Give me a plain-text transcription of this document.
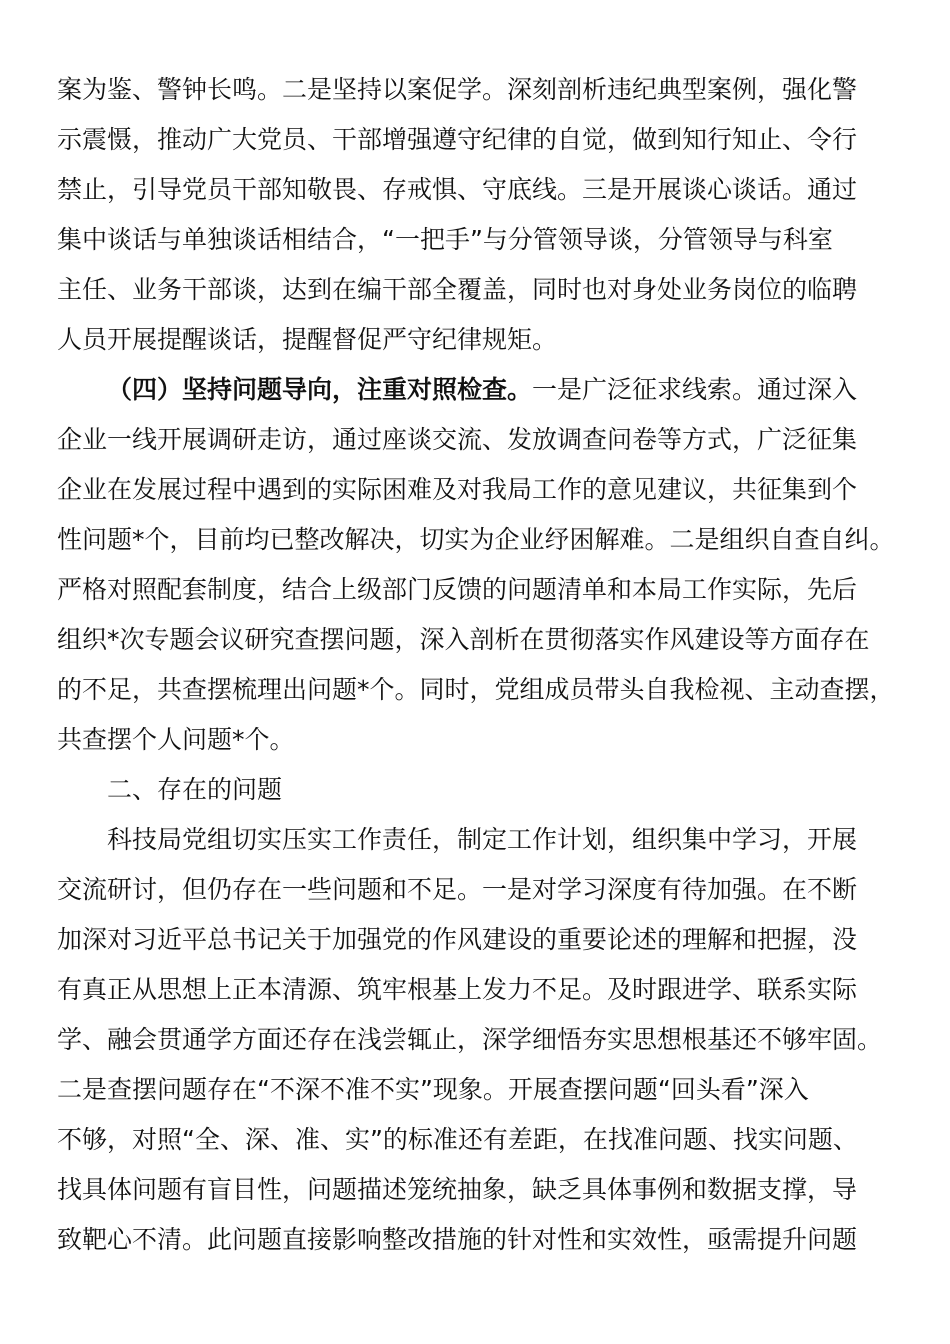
案为鉴、警钟长鸣。二是坚持以案促学。深刻剖析违纪典型案例，强化警
示震慑，推动广大党员、干部增强遵守纪律的自觉，做到知行知止、令行
禁止，引导党员干部知敬畏、存戒惧、守底线。三是开展谈心谈话。通过
集中谈话与单独谈话相结合，“一把手”与分管领导谈，分管领导与科室
主任、业务干部谈，达到在编干部全覆盖，同时也对身处业务岗位的临聘
人员开展提醒谈话，提醒督促严守纪律规矩。
（四）坚持问题导向，注重对照检查。一是广泛征求线索。通过深入
企业一线开展调研走访，通过座谈交流、发放调查问卷等方式，广泛征集
企业在发展过程中遇到的实际困难及对我局工作的意见建议，共征集到个
性问题*个，目前均已整改解决，切实为企业纾困解难。二是组织自查自纠。
严格对照配套制度，结合上级部门反馈的问题清单和本局工作实际，先后
组织*次专题会议研究查摆问题，深入剖析在贯彻落实作风建设等方面存在
的不足，共查摆梳理出问题*个。同时，党组成员带头自我检视、主动查摆，
共查摆个人问题*个。
二、存在的问题
科技局党组切实压实工作责任，制定工作计划，组织集中学习，开展
交流研讨，但仍存在一些问题和不足。一是对学习深度有待加强。在不断
加深对习近平总书记关于加强党的作风建设的重要论述的理解和把握，没
有真正从思想上正本清源、筑牢根基上发力不足。及时跟进学、联系实际
学、融会贯通学方面还存在浅尝辄止，深学细悟夯实思想根基还不够牢固。
二是查摆问题存在“不深不准不实”现象。开展查摆问题“回头看”深入
不够，对照“全、深、准、实”的标准还有差距，在找准问题、找实问题、
找具体问题有盲目性，问题描述笼统抽象，缺乏具体事例和数据支撑，导
致靶心不清。此问题直接影响整改措施的针对性和实效性，亟需提升问题
